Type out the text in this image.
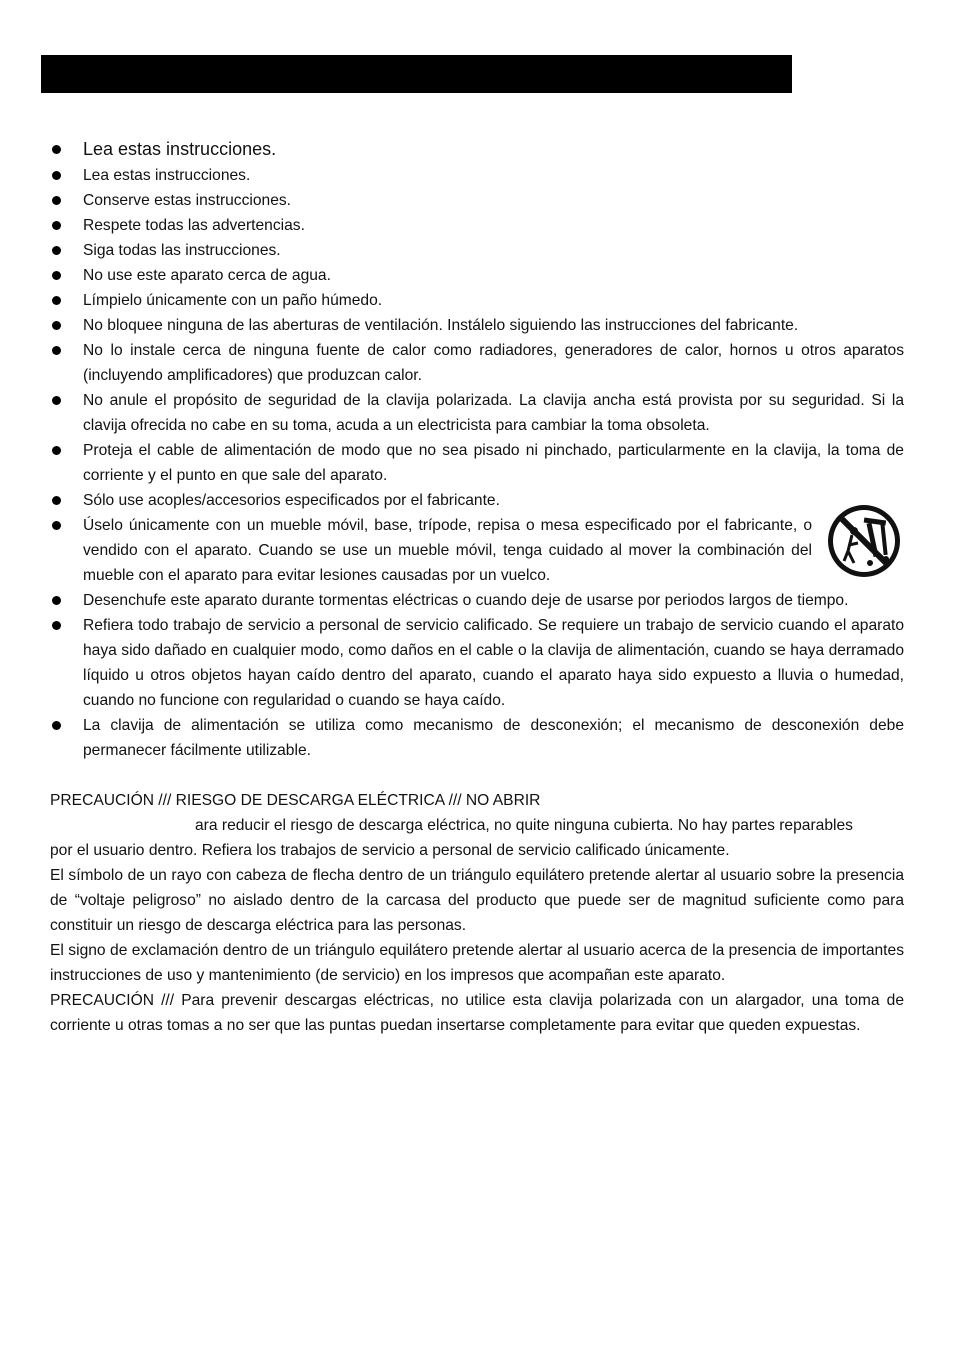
Lea estas instrucciones.
Lea estas instrucciones.
Conserve estas instrucciones.
Respete todas las advertencias.
Siga todas las instrucciones.
No use este aparato cerca de agua.
Límpielo únicamente con un paño húmedo.
No bloquee ninguna de las aberturas de ventilación. Instálelo siguiendo las instrucciones del fabricante.
No lo instale cerca de ninguna fuente de calor como radiadores, generadores de calor, hornos u otros aparatos (incluyendo amplificadores) que produzcan calor.
No anule el propósito de seguridad de la clavija polarizada. La clavija ancha está provista por su seguridad. Si la clavija ofrecida no cabe en su toma, acuda a un electricista para cambiar la toma obsoleta.
Proteja el cable de alimentación de modo que no sea pisado ni pinchado, particularmente en la clavija, la toma de corriente y el punto en que sale del aparato.
Sólo use acoples/accesorios especificados por el fabricante.
Úselo únicamente con un mueble móvil, base, trípode, repisa o mesa especificado por el fabricante, o vendido con el aparato. Cuando se use un mueble móvil, tenga cuidado al mover la combinación del mueble con el aparato para evitar lesiones causadas por un vuelco.
Desenchufe este aparato durante tormentas eléctricas o cuando deje de usarse por periodos largos de tiempo.
Refiera todo trabajo de servicio a personal de servicio calificado. Se requiere un trabajo de servicio cuando el aparato haya sido dañado en cualquier modo, como daños en el cable o la clavija de alimentación, cuando se haya derramado líquido u otros objetos hayan caído dentro del aparato, cuando el aparato haya sido expuesto a lluvia o humedad, cuando no funcione con regularidad o cuando se haya caído.
La clavija de alimentación se utiliza como mecanismo de desconexión; el mecanismo de desconexión debe permanecer fácilmente utilizable.

PRECAUCIÓN /// RIESGO DE DESCARGA ELÉCTRICA /// NO ABRIR

ara reducir el riesgo de descarga eléctrica, no quite ninguna cubierta. No hay partes reparables

por el usuario dentro. Refiera los trabajos de servicio a personal de servicio calificado únicamente.

El símbolo de un rayo con cabeza de flecha dentro de un triángulo equilátero pretende alertar al usuario sobre la presencia de “voltaje peligroso” no aislado dentro de la carcasa del producto que puede ser de magnitud suficiente como para constituir un riesgo de descarga eléctrica para las personas.

El signo de exclamación dentro de un triángulo equilátero pretende alertar al usuario acerca de la presencia de importantes instrucciones de uso y mantenimiento (de servicio) en los impresos que acompañan este aparato.

PRECAUCIÓN /// Para prevenir descargas eléctricas, no utilice esta clavija polarizada con un alargador, una toma de corriente u otras tomas a no ser que las puntas puedan insertarse completamente para evitar que queden expuestas.
